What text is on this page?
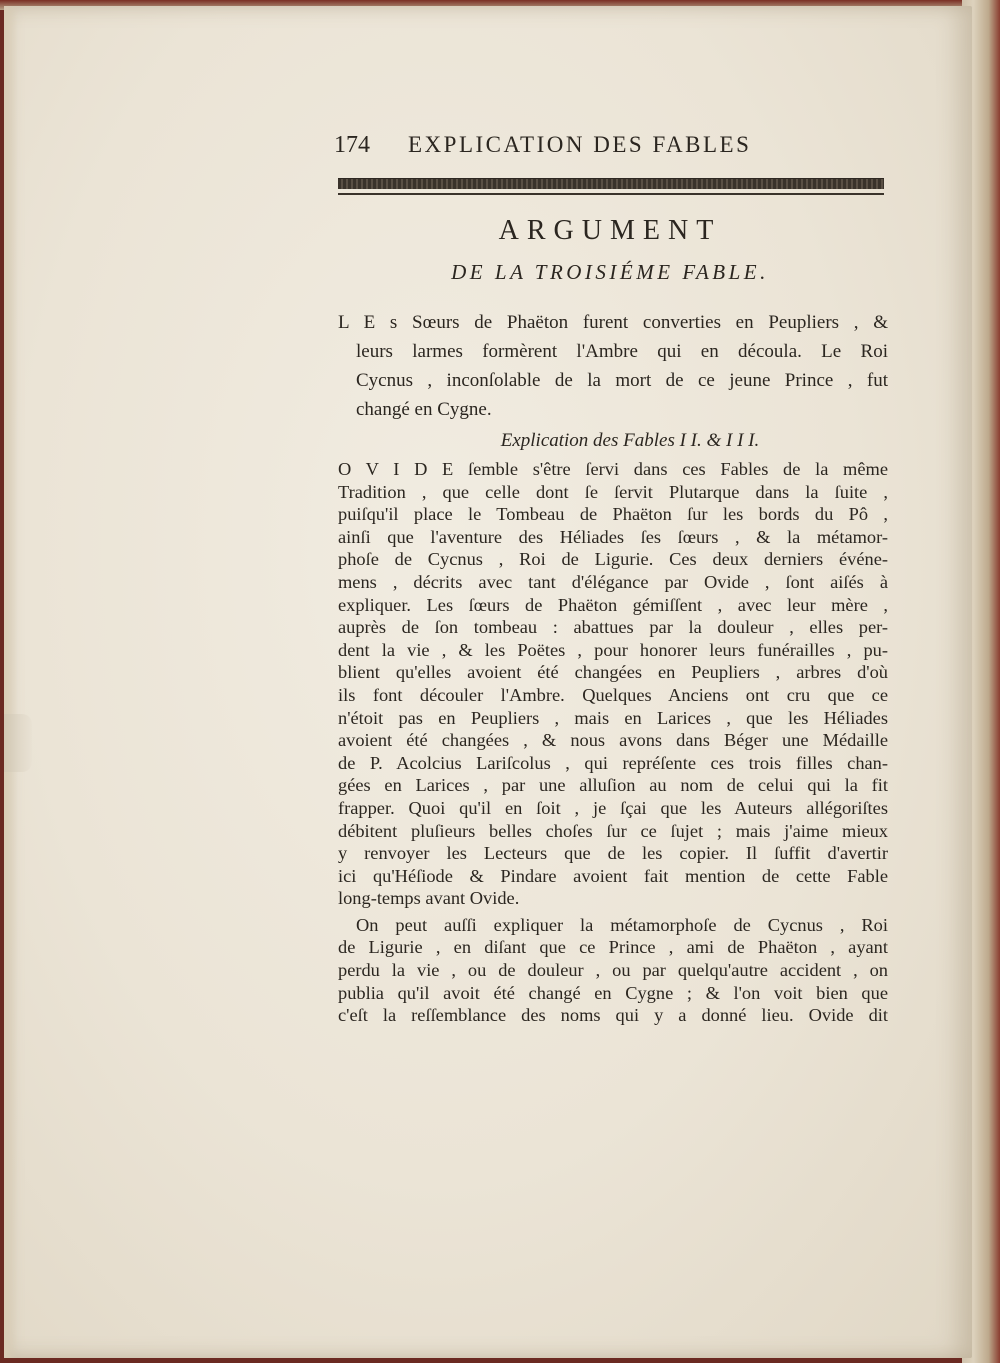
174 EXPLICATION DES FABLES
ARGUMENT
DE LA TROISIÉME FABLE.
L E s Sœurs de Phaëton furent converties en Peupliers , &
leurs larmes formèrent l'Ambre qui en découla. Le Roi
Cycnus , inconſolable de la mort de ce jeune Prince , fut
changé en Cygne.
Explication des Fables I I. & I I I.
O V I D E ſemble s'être ſervi dans ces Fables de la même
Tradition , que celle dont ſe ſervit Plutarque dans la ſuite ,
puiſqu'il place le Tombeau de Phaëton ſur les bords du Pô ,
ainſi que l'aventure des Héliades ſes ſœurs , & la métamor-
phoſe de Cycnus , Roi de Ligurie. Ces deux derniers événe-
mens , décrits avec tant d'élégance par Ovide , ſont aiſés à
expliquer. Les ſœurs de Phaëton gémiſſent , avec leur mère ,
auprès de ſon tombeau : abattues par la douleur , elles per-
dent la vie , & les Poëtes , pour honorer leurs funérailles , pu-
blient qu'elles avoient été changées en Peupliers , arbres d'où
ils font découler l'Ambre. Quelques Anciens ont cru que ce
n'étoit pas en Peupliers , mais en Larices , que les Héliades
avoient été changées , & nous avons dans Béger une Médaille
de P. Acolcius Lariſcolus , qui repréſente ces trois filles chan-
gées en Larices , par une alluſion au nom de celui qui la fit
frapper. Quoi qu'il en ſoit , je ſçai que les Auteurs allégoriſtes
débitent pluſieurs belles choſes ſur ce ſujet ; mais j'aime mieux
y renvoyer les Lecteurs que de les copier. Il ſuffit d'avertir
ici qu'Héſiode & Pindare avoient fait mention de cette Fable
long-temps avant Ovide.
On peut auſſi expliquer la métamorphoſe de Cycnus , Roi
de Ligurie , en diſant que ce Prince , ami de Phaëton , ayant
perdu la vie , ou de douleur , ou par quelqu'autre accident , on
publia qu'il avoit été changé en Cygne ; & l'on voit bien que
c'eſt la reſſemblance des noms qui y a donné lieu. Ovide dit
